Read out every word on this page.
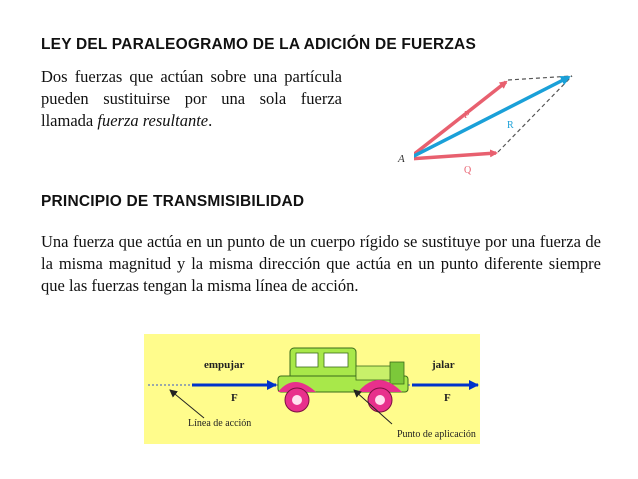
LEY DEL PARALEOGRAMO DE LA ADICIÓN DE FUERZAS

Dos fuerzas que actúan sobre una partícula pueden sustituirse por una sola fuerza llamada fuerza resultante.	P
R
Q
A
PRINCIPIO DE TRANSMISIBILIDAD

Una fuerza que actúa en un punto de un cuerpo rígido se sustituye por una fuerza de la misma magnitud y la misma dirección que actúa en un punto diferente siempre que las fuerzas tengan la misma línea de acción.

empujar
F
jalar
F
Línea de acción
Punto de aplicación
